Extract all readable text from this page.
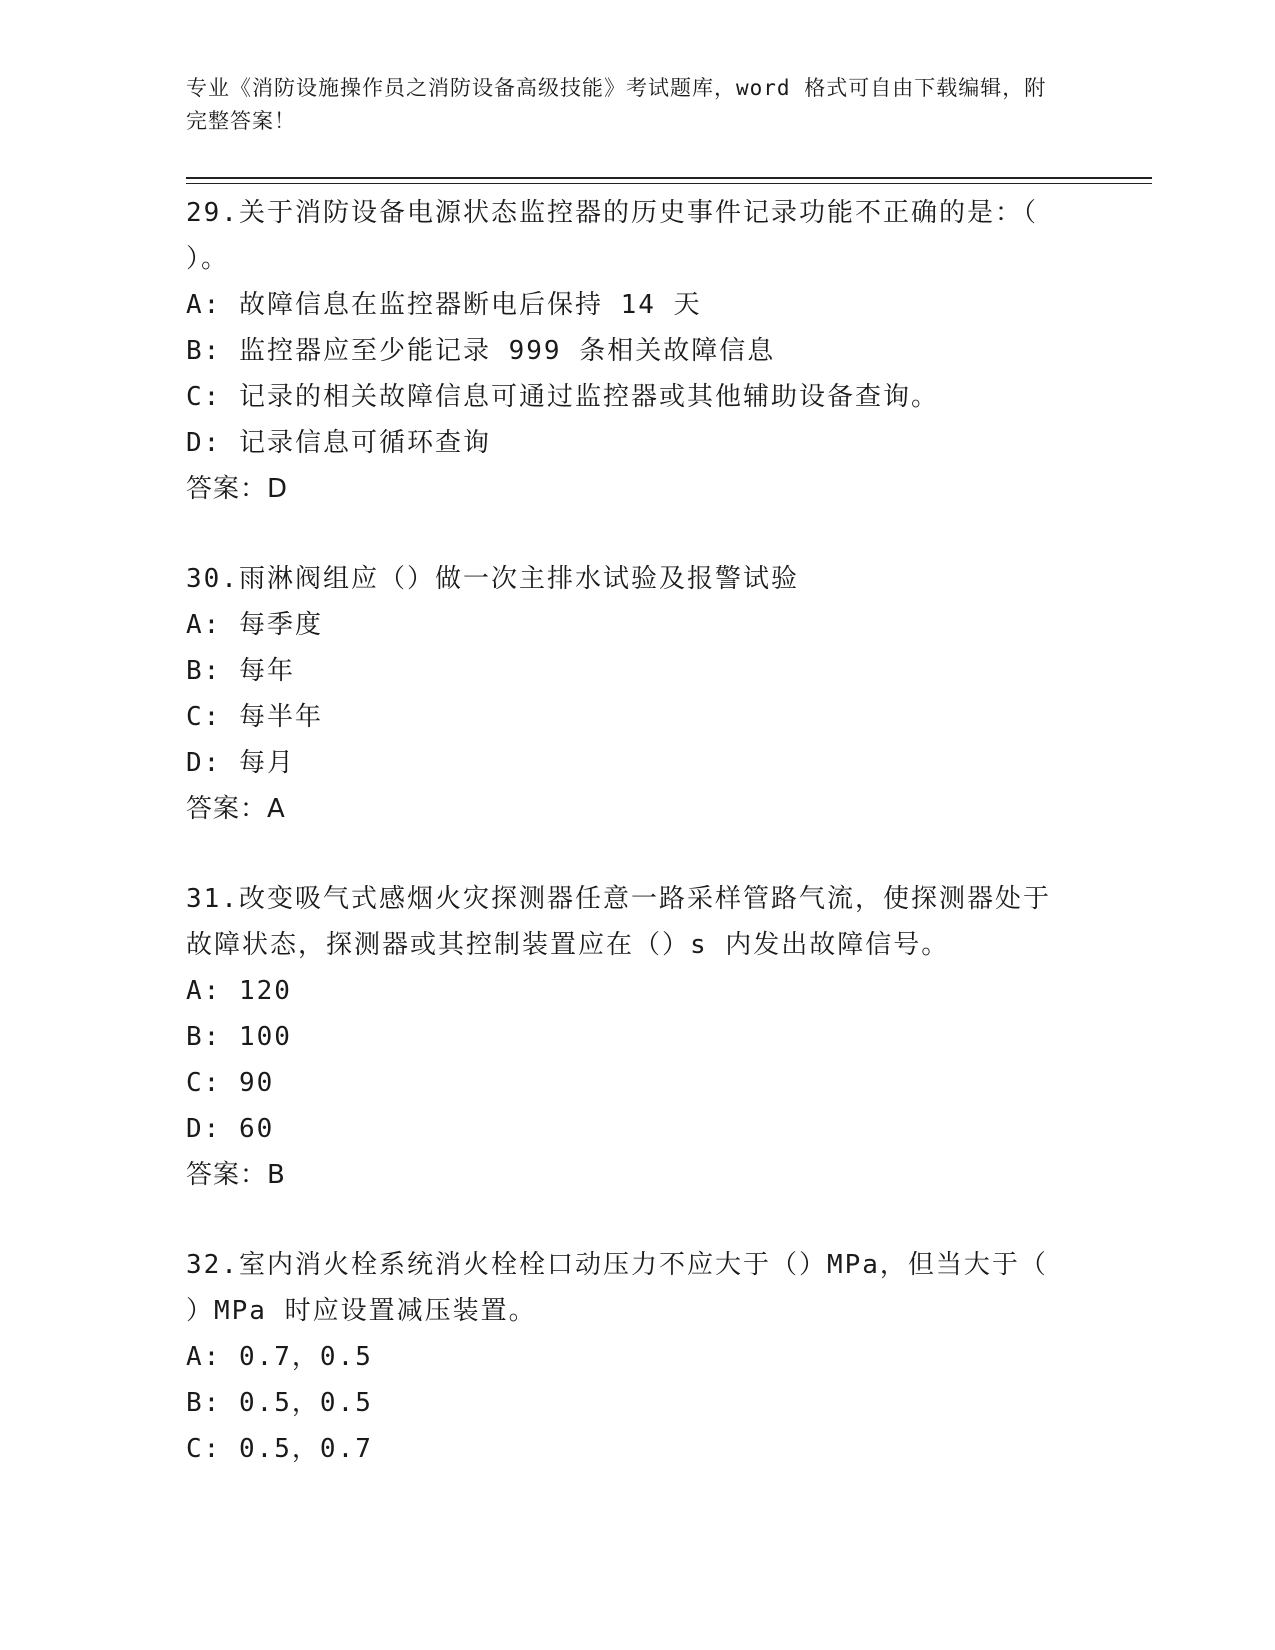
专业《消防设施操作员之消防设备高级技能》考试题库，word 格式可自由下载编辑，附完整答案！
29.关于消防设备电源状态监控器的历史事件记录功能不正确的是：（ ）。
A: 故障信息在监控器断电后保持 14 天
B: 监控器应至少能记录 999 条相关故障信息
C: 记录的相关故障信息可通过监控器或其他辅助设备查询。
D: 记录信息可循环查询
答案：D
30.雨淋阀组应（）做一次主排水试验及报警试验
A: 每季度
B: 每年
C: 每半年
D: 每月
答案：A
31.改变吸气式感烟火灾探测器任意一路采样管路气流，使探测器处于故障状态，探测器或其控制装置应在（）s 内发出故障信号。
A: 120
B: 100
C: 90
D: 60
答案：B
32.室内消火栓系统消火栓栓口动压力不应大于（）MPa，但当大于（ ）MPa 时应设置减压装置。
A: 0.7，0.5
B: 0.5，0.5
C: 0.5，0.7
